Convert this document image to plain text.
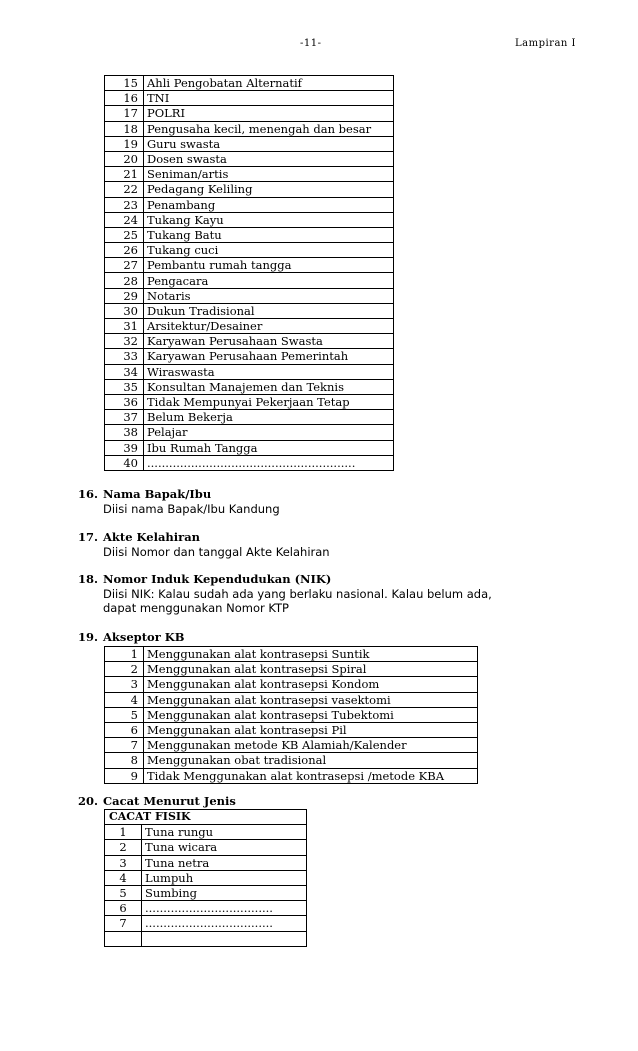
-11-	Lampiran I
15	Ahli Pengobatan Alternatif
16	TNI
17	POLRI
18	Pengusaha kecil, menengah dan besar
19	Guru swasta
20	Dosen swasta
21	Seniman/artis
22	Pedagang Keliling
23	Penambang
24	Tukang Kayu
25	Tukang Batu
26	Tukang cuci
27	Pembantu rumah tangga
28	Pengacara
29	Notaris
30	Dukun Tradisional
31	Arsitektur/Desainer
32	Karyawan Perusahaan Swasta
33	Karyawan Perusahaan Pemerintah
34	Wiraswasta
35	Konsultan Manajemen dan Teknis
36	Tidak Mempunyai Pekerjaan Tetap
37	Belum Bekerja
38	Pelajar
39	Ibu Rumah Tangga
40	.........................................................
16. Nama Bapak/Ibu
Diisi nama Bapak/Ibu Kandung
17. Akte Kelahiran
Diisi Nomor dan tanggal Akte Kelahiran
18. Nomor Induk Kependudukan (NIK)
Diisi NIK: Kalau sudah ada yang berlaku nasional. Kalau belum ada,
dapat menggunakan Nomor KTP
19. Akseptor KB
1	Menggunakan alat kontrasepsi Suntik
2	Menggunakan alat kontrasepsi Spiral
3	Menggunakan alat kontrasepsi Kondom
4	Menggunakan alat kontrasepsi vasektomi
5	Menggunakan alat kontrasepsi Tubektomi
6	Menggunakan alat kontrasepsi Pil
7	Menggunakan metode KB Alamiah/Kalender
8	Menggunakan obat tradisional
9	Tidak Menggunakan alat kontrasepsi /metode KBA
20. Cacat Menurut Jenis
CACAT FISIK	
1	Tuna rungu
2	Tuna wicara
3	Tuna netra
4	Lumpuh
5	Sumbing
6	...................................
7	...................................
